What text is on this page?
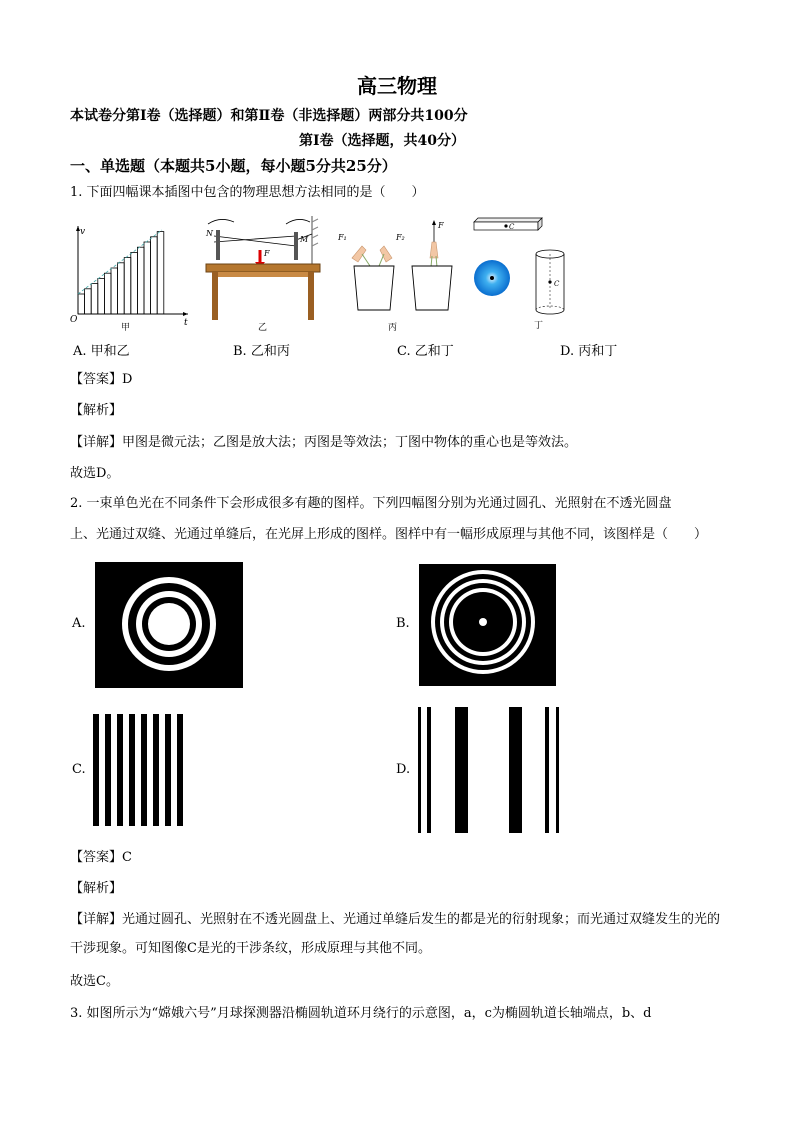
高三物理
本试卷分第Ⅰ卷（选择题）和第Ⅱ卷（非选择题）两部分共100分
第Ⅰ卷（选择题，共40分）
一、单选题（本题共5小题，每小题5分共25分）
1. 下面四幅课本插图中包含的物理思想方法相同的是（　　）
v
t
O
甲
F
N
M
乙
F₁	F₂
F
丙
C
C
丁
A. 甲和乙	B. 乙和丙	C. 乙和丁	D. 丙和丁
【答案】D
【解析】
【详解】甲图是微元法；乙图是放大法；丙图是等效法；丁图中物体的重心也是等效法。
故选D。
2. 一束单色光在不同条件下会形成很多有趣的图样。下列四幅图分别为光通过圆孔、光照射在不透光圆盘
上、光通过双缝、光通过单缝后，在光屏上形成的图样。图样中有一幅形成原理与其他不同，该图样是（　　）
A.	B.
C.	D.
【答案】C
【解析】
【详解】光通过圆孔、光照射在不透光圆盘上、光通过单缝后发生的都是光的衍射现象；而光通过双缝发生的光的干涉现象。可知图像C是光的干涉条纹，形成原理与其他不同。
故选C。
3. 如图所示为“嫦娥六号”月球探测器沿椭圆轨道环月绕行的示意图，a，c为椭圆轨道长轴端点，b、d
